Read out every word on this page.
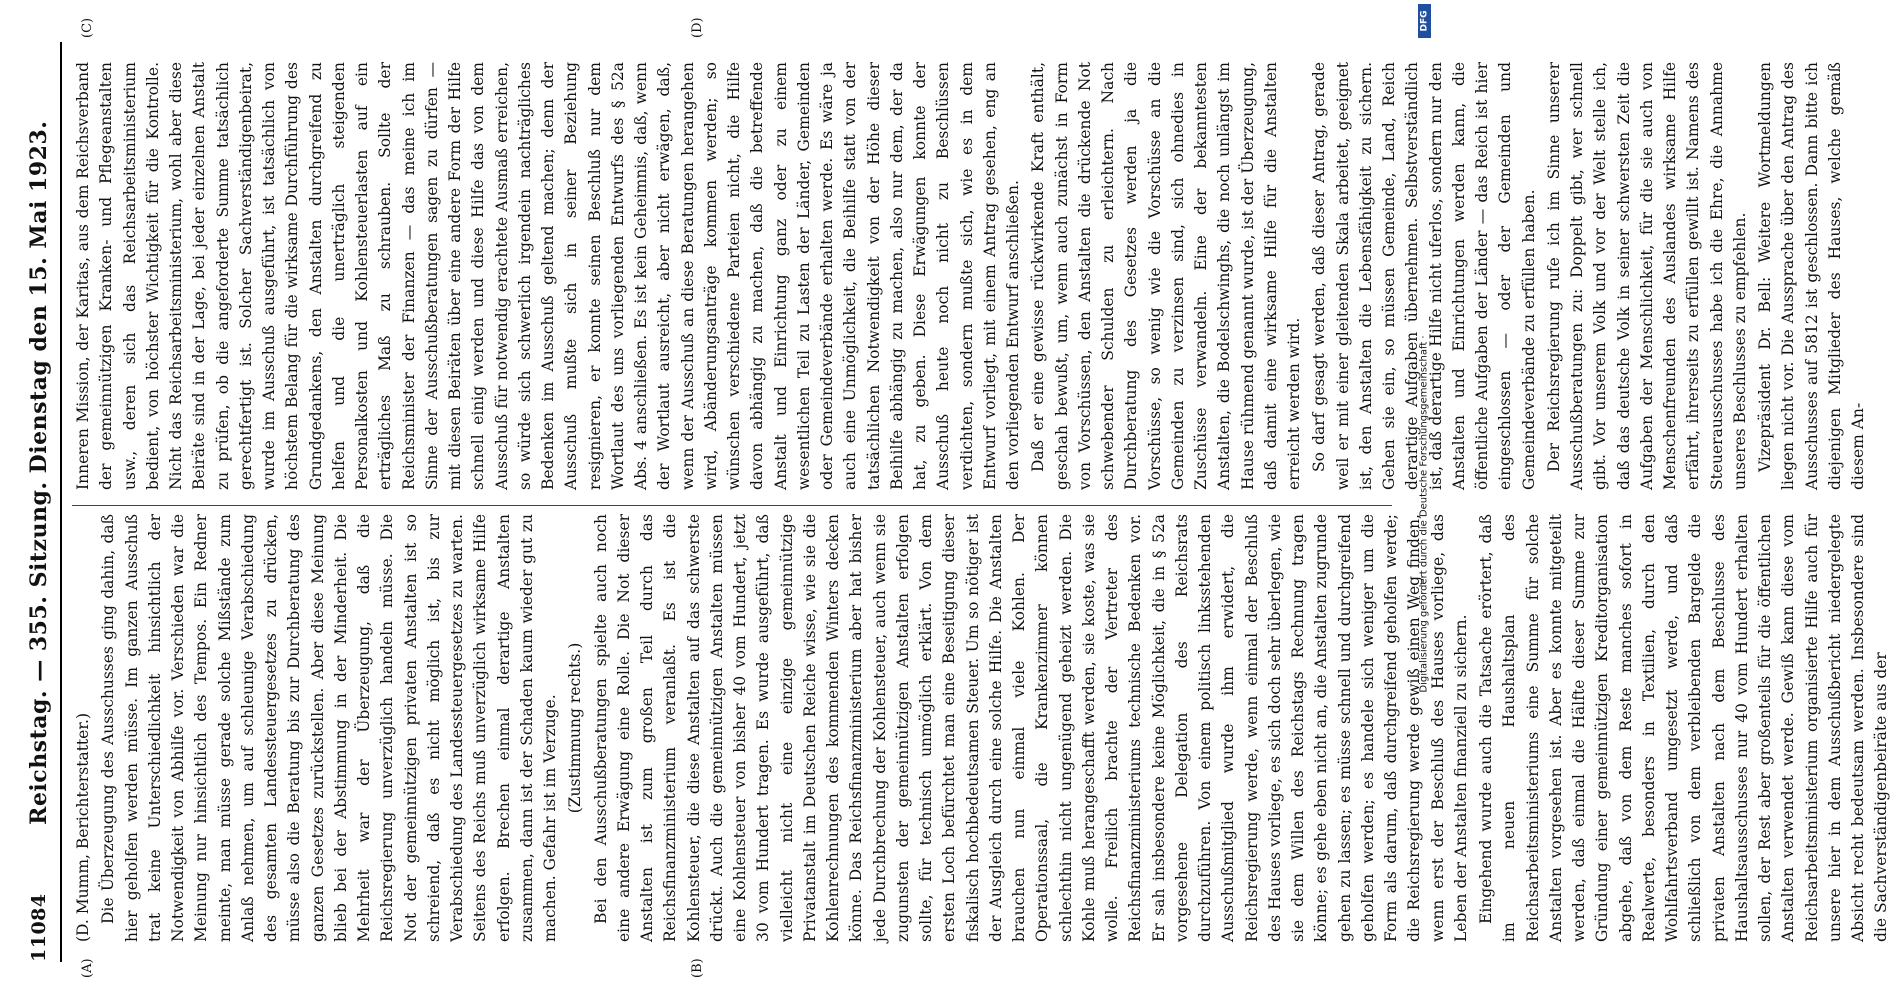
11084
Reichstag. — 355. Sitzung. Dienstag den 15. Mai 1923.
(A)	(B)
(C)	(D)

(D. Mumm, Berichterstatter.) Die Überzeugung des Ausschusses ging dahin, daß hier geholfen werden müsse. Im ganzen Ausschuß trat keine Unterschiedlichkeit hinsichtlich der Notwendigkeit von Abhilfe vor. Verschieden war die Meinung nur hinsichtlich des Tempos. Ein Redner meinte, man müsse gerade solche Mißstände zum Anlaß nehmen, um auf schleunige Verabschiedung des gesamten Landessteuergesetzes zu drücken, müsse also die Beratung bis zur Durchberatung des ganzen Gesetzes zurückstellen. Aber diese Meinung blieb bei der Abstimmung in der Minderheit. Die Mehrheit war der Überzeugung, daß die Reichsregierung unverzüglich handeln müsse. Die Not der gemeinnützigen privaten Anstalten ist so schreiend, daß es nicht möglich ist, bis zur Verabschiedung des Landessteuergesetzes zu warten. Seitens des Reichs muß unverzüglich wirksame Hilfe erfolgen. Brechen einmal derartige Anstalten zusammen, dann ist der Schaden kaum wieder gut zu machen. Gefahr ist im Verzuge. (Zustimmung rechts.) Bei den Ausschußberatungen spielte auch noch eine andere Erwägung eine Rolle. Die Not dieser Anstalten ist zum großen Teil durch das Reichsfinanzministerium veranlaßt. Es ist die Kohlensteuer, die diese Anstalten auf das schwerste drückt. Auch die gemeinnützigen Anstalten müssen eine Kohlensteuer von bisher 40 vom Hundert, jetzt 30 vom Hundert tragen. Es wurde ausgeführt, daß vielleicht nicht eine einzige gemeinnützige Privatanstalt im Deutschen Reiche wisse, wie sie die Kohlenrechnungen des kommenden Winters decken könne. Das Reichsfinanzministerium aber hat bisher jede Durchbrechung der Kohlensteuer, auch wenn sie zugunsten der gemeinnützigen Anstalten erfolgen sollte, für technisch unmöglich erklärt. Von dem ersten Loch befürchtet man eine Beseitigung dieser fiskalisch hochbedeutsamen Steuer. Um so nötiger ist der Ausgleich durch eine solche Hilfe. Die Anstalten brauchen nun einmal viele Kohlen. Der Operationssaal, die Krankenzimmer können schlechthin nicht ungenügend geheizt werden. Die Kohle muß herangeschafft werden, sie koste, was sie wolle. Freilich brachte der Vertreter des Reichsfinanzministeriums technische Bedenken vor. Er sah insbesondere keine Möglichkeit, die in § 52a vorgesehene Delegation des Reichsrats durchzuführen. Von einem politisch linksstehenden Ausschußmitglied wurde ihm erwidert, die Reichsregierung werde, wenn einmal der Beschluß des Hauses vorliege, es sich doch sehr überlegen, wie sie dem Willen des Reichstags Rechnung tragen könne; es gehe eben nicht an, die Anstalten zugrunde gehen zu lassen; es müsse schnell und durchgreifend geholfen werden; es handele sich weniger um die Form als darum, daß durchgreifend geholfen werde; die Reichsregierung werde gewiß einen Weg finden, wenn erst der Beschluß des Hauses vorliege, das Leben der Anstalten finanziell zu sichern. Eingehend wurde auch die Tatsache erörtert, daß im neuen Haushaltsplan des Reichsarbeitsministeriums eine Summe für solche Anstalten vorgesehen ist. Aber es konnte mitgeteilt werden, daß einmal die Hälfte dieser Summe zur Gründung einer gemeinnützigen Kreditorganisation abgehe, daß von dem Reste manches sofort in Realwerte, besonders in Textilien, durch den Wohlfahrtsverband umgesetzt werde, und daß schließlich von dem verbleibenden Bargelde die privaten Anstalten nach dem Beschlusse des Haushaltsausschusses nur 40 vom Hundert erhalten sollen, der Rest aber großenteils für die öffentlichen Anstalten verwendet werde. Gewiß kann diese vom Reichsarbeitsministerium organisierte Hilfe auch für unsere hier in dem Ausschußbericht niedergelegte Absicht recht bedeutsam werden. Insbesondere sind die Sachverständigenbeiräte aus der

Inneren Mission, der Karitas, aus dem Reichsverband der gemeinnützigen Kranken- und Pflegeanstalten usw., deren sich das Reichsarbeitsministerium bedient, von höchster Wichtigkeit für die Kontrolle. Nicht das Reichsarbeitsministerium, wohl aber diese Beiräte sind in der Lage, bei jeder einzelnen Anstalt zu prüfen, ob die angeforderte Summe tatsächlich gerechtfertigt ist. Solcher Sachverständigenbeirat, wurde im Ausschuß ausgeführt, ist tatsächlich von höchstem Belang für die wirksame Durchführung des Grundgedankens, den Anstalten durchgreifend zu helfen und die unerträglich steigenden Personalkosten und Kohlensteuerlasten auf ein erträgliches Maß zu schrauben. Sollte der Reichsminister der Finanzen — das meine ich im Sinne der Ausschußberatungen sagen zu dürfen — mit diesen Beiräten über eine andere Form der Hilfe schnell einig werden und diese Hilfe das von dem Ausschuß für notwendig erachtete Ausmaß erreichen, so würde sich schwerlich irgendein nachträgliches Bedenken im Ausschuß geltend machen; denn der Ausschuß mußte sich in seiner Beziehung resignieren, er konnte seinen Beschluß nur dem Wortlaut des uns vorliegenden Entwurfs des § 52a Abs. 4 anschließen. Es ist kein Geheimnis, daß, wenn der Wortlaut ausreicht, aber nicht erwägen, daß, wenn der Ausschuß an diese Beratungen herangehen wird, Abänderungsanträge kommen werden; so wünschen verschiedene Parteien nicht, die Hilfe davon abhängig zu machen, daß die betreffende Anstalt und Einrichtung ganz oder zu einem wesentlichen Teil zu Lasten der Länder, Gemeinden oder Gemeindeverbände erhalten werde. Es wäre ja auch eine Unmöglichkeit, die Beihilfe statt von der tatsächlichen Notwendigkeit von der Höhe dieser Beihilfe abhängig zu machen, also nur dem, der da hat, zu geben. Diese Erwägungen konnte der Ausschuß heute noch nicht zu Beschlüssen verdichten, sondern mußte sich, wie es in dem Entwurf vorliegt, mit einem Antrag gesehen, eng an den vorliegenden Entwurf anschließen. Daß er eine gewisse rückwirkende Kraft enthält, geschah bewußt, um, wenn auch zunächst in Form von Vorschüssen, den Anstalten die drückende Not schwebender Schulden zu erleichtern. Nach Durchberatung des Gesetzes werden ja die Vorschüsse, so wenig wie die Vorschüsse an die Gemeinden zu verzinsen sind, sich ohnedies in Zuschüsse verwandeln. Eine der bekanntesten Anstalten, die Bodelschwinghs, die noch unlängst im Hause rühmend genannt wurde, ist der Überzeugung, daß damit eine wirksame Hilfe für die Anstalten erreicht werden wird. So darf gesagt werden, daß dieser Antrag, gerade weil er mit einer gleitenden Skala arbeitet, geeignet ist, den Anstalten die Lebensfähigkeit zu sichern. Gehen sie ein, so müssen Gemeinde, Land, Reich derartige Aufgaben übernehmen. Selbstverständlich ist, daß derartige Hilfe nicht uferlos, sondern nur den Anstalten und Einrichtungen werden kann, die öffentliche Aufgaben der Länder — das Reich ist hier eingeschlossen — oder der Gemeinden und Gemeindeverbände zu erfüllen haben. Der Reichsregierung rufe ich im Sinne unserer Ausschußberatungen zu: Doppelt gibt, wer schnell gibt. Vor unserem Volk und vor der Welt stelle ich, daß das deutsche Volk in seiner schwersten Zeit die Aufgaben der Menschlichkeit, für die sie auch von Menschenfreunden des Auslandes wirksame Hilfe erfährt, ihrerseits zu erfüllen gewillt ist. Namens des Steuerausschusses habe ich die Ehre, die Annahme unseres Beschlusses zu empfehlen. Vizepräsident Dr. Bell: Weitere Wortmeldungen liegen nicht vor. Die Aussprache über den Antrag des Ausschusses auf 5812 ist geschlossen. Dann bitte ich diejenigen Mitglieder des Hauses, welche gemäß diesem An-

DFG
Digitalisierung gefördert durch die Deutsche Forschungsgemeinschaft ·
